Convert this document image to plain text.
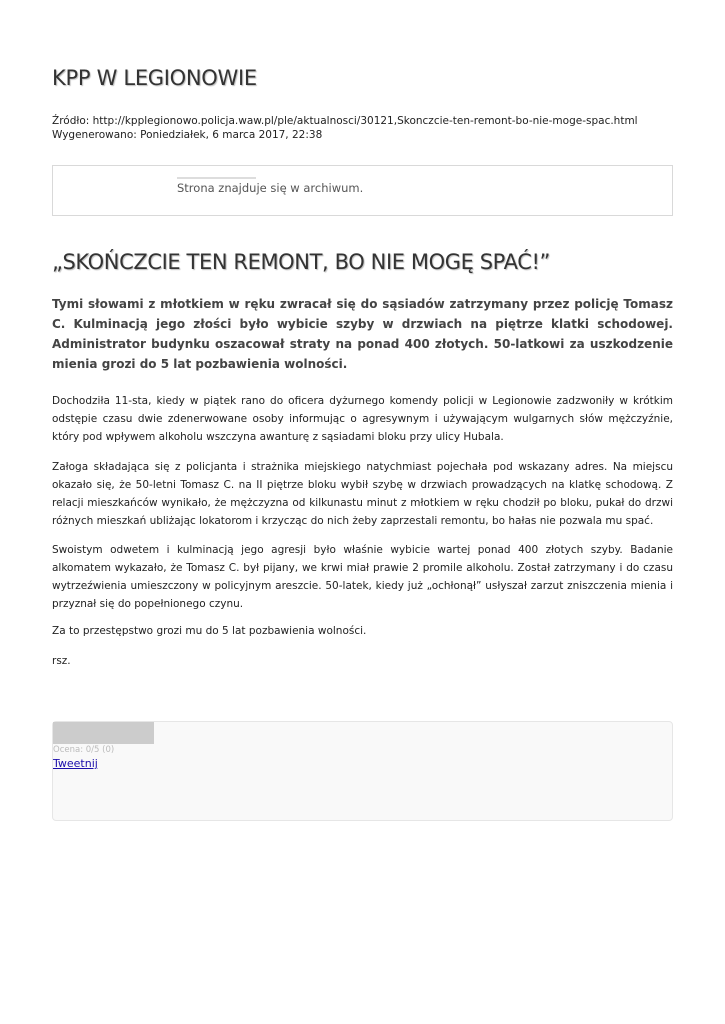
KPP W LEGIONOWIE
Źródło: http://kpplegionowo.policja.waw.pl/ple/aktualnosci/30121,Skonczcie-ten-remont-bo-nie-moge-spac.html
Wygenerowano: Poniedziałek, 6 marca 2017, 22:38
Strona znajduje się w archiwum.
„SKOŃCZCIE TEN REMONT, BO NIE MOGĘ SPAĆ!”

Tymi słowami z młotkiem w ręku zwracał się do sąsiadów zatrzymany przez policję Tomasz C. Kulminacją jego złości było wybicie szyby w drzwiach na piętrze klatki schodowej. Administrator budynku oszacował straty na ponad 400 złotych. 50-latkowi za uszkodzenie mienia grozi do 5 lat pozbawienia wolności.

Dochodziła 11-sta, kiedy w piątek rano do oficera dyżurnego komendy policji w Legionowie zadzwoniły w krótkim odstępie czasu dwie zdenerwowane osoby informując o agresywnym i używającym wulgarnych słów mężczyźnie, który pod wpływem alkoholu wszczyna awanturę z sąsiadami bloku przy ulicy Hubala.

Załoga składająca się z policjanta i strażnika miejskiego natychmiast pojechała pod wskazany adres. Na miejscu okazało się, że 50-letni Tomasz C. na II piętrze bloku wybił szybę w drzwiach prowadzących na klatkę schodową. Z relacji mieszkańców wynikało, że mężczyzna od kilkunastu minut z młotkiem w ręku chodził po bloku, pukał do drzwi różnych mieszkań ubliżając lokatorom i krzycząc do nich żeby zaprzestali remontu, bo hałas nie pozwala mu spać.

Swoistym odwetem i kulminacją jego agresji było właśnie wybicie wartej ponad 400 złotych szyby. Badanie alkomatem wykazało, że Tomasz C. był pijany, we krwi miał prawie 2 promile alkoholu. Został zatrzymany i do czasu wytrzeźwienia umieszczony w policyjnym areszcie. 50-latek, kiedy już „ochłonął” usłyszał zarzut zniszczenia mienia i przyznał się do popełnionego czynu.

Za to przestępstwo grozi mu do 5 lat pozbawienia wolności.

rsz.

Ocena: 0/5 (0)
Tweetnij
